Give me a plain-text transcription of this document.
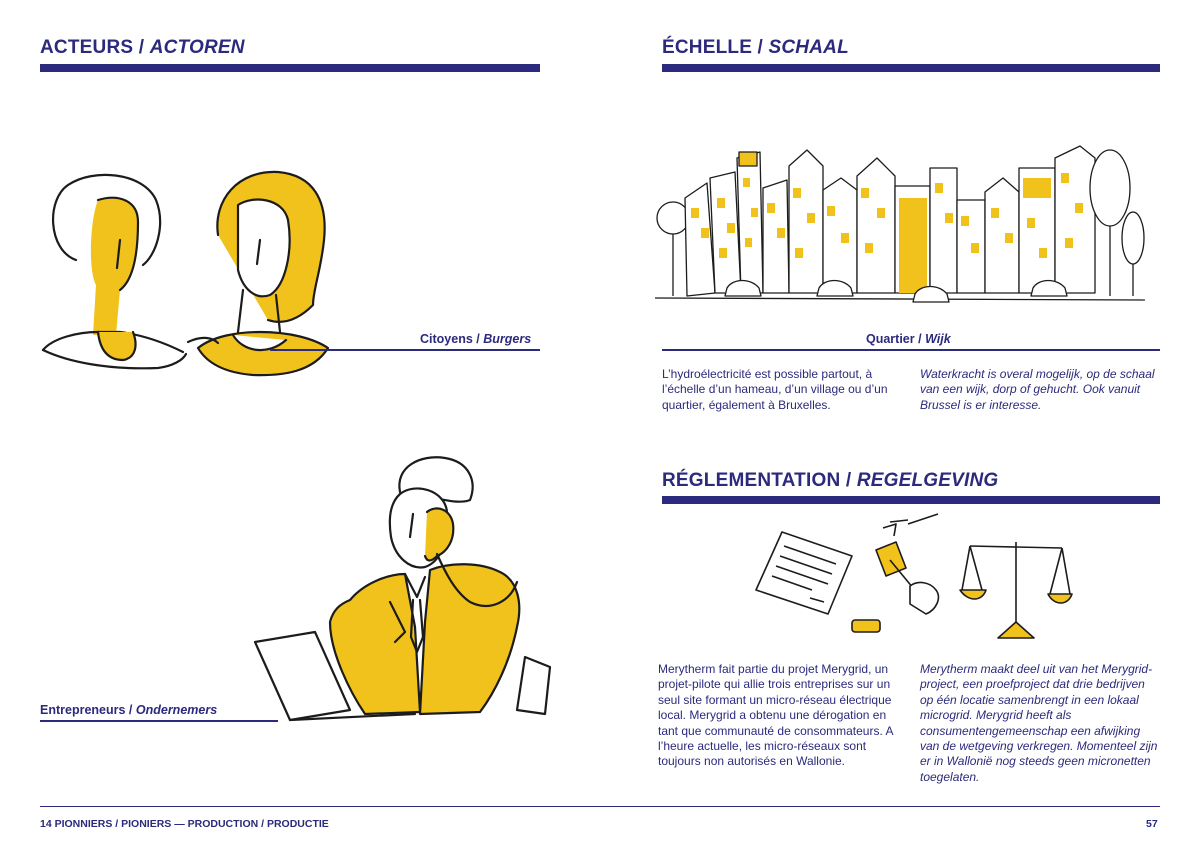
ACTEURS / ACTOREN
Citoyens / Burgers
Entrepreneurs / Ondernemers
ÉCHELLE / SCHAAL
Quartier / Wijk
L’hydroélectricité est possible partout, à l’échelle d’un hameau, d’un village ou d’un quartier, également à Bruxelles.
Waterkracht is overal mogelijk, op de schaal van een wijk, dorp of gehucht. Ook vanuit Brussel is er interesse.
RÉGLEMENTATION / REGELGEVING
Merytherm fait partie du projet Merygrid, un projet-pilote qui allie trois entreprises sur un seul site formant un micro-réseau électrique local. Merygrid a obtenu une dérogation en tant que communauté de consommateurs. A l’heure actuelle, les micro-réseaux sont toujours non autorisés en Wallonie.
Merytherm maakt deel uit van het Merygrid-project, een proefproject dat drie bedrijven op één locatie samenbrengt in een lokaal microgrid. Merygrid heeft als consumentengemeenschap een afwijking van de wetgeving verkregen. Momenteel zijn er in Wallonië nog steeds geen micronetten toegelaten.
14 PIONNIERS / PIONIERS — PRODUCTION / PRODUCTIE	57
